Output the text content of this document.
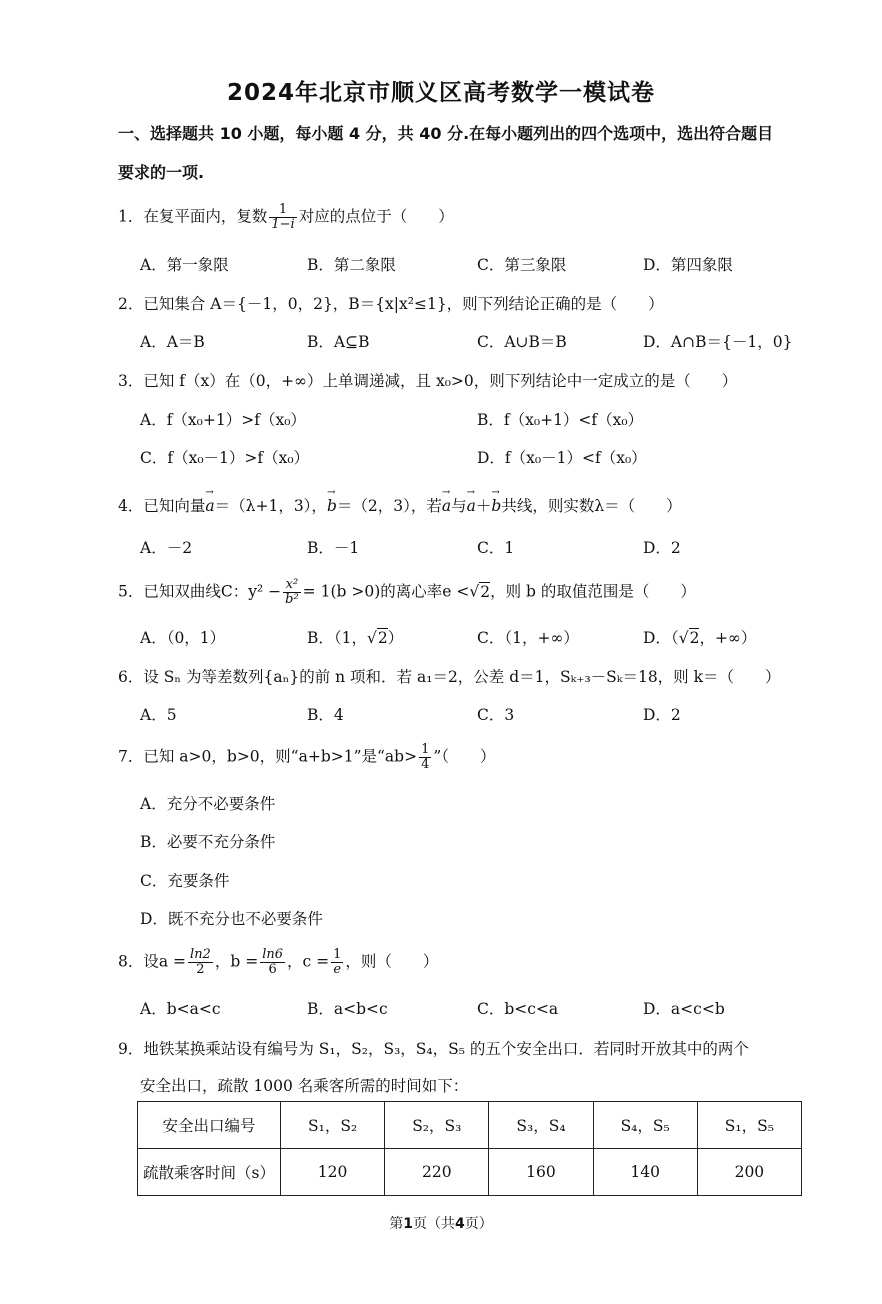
2024年北京市顺义区高考数学一模试卷
一、选择题共 10 小题，每小题 4 分，共 40 分.在每小题列出的四个选项中，选出符合题目
要求的一项.
1．在复平面内，复数 $\frac{1}{1-i}$ 对应的点位于（　　）
A．第一象限	B．第二象限	C．第三象限	D．第四象限
2．已知集合 A＝{－1，0，2}，B＝{x|x²≤1}，则下列结论正确的是（　　）
A．A＝B	B．A⊆B	C．A∪B＝B	D．A∩B＝{－1，0}
3．已知 f（x）在（0，+∞）上单调递减，且 x₀>0，则下列结论中一定成立的是（　　）
A．f（x₀+1）>f（x₀）	B．f（x₀+1）<f（x₀）
C．f（x₀－1）>f（x₀）	D．f（x₀－1）<f（x₀）
4．已知向量→ a＝（λ+1，3），→ b＝（2，3），若→ a与→ a＋→ b共线，则实数λ＝（　　）
A．－2	B．－1	C．1	D．2
5．已知双曲线C：$y^2 - \frac{\text{x²}}{\text{b²}} = 1(b >0)$的离心率e <√2，则 b 的取值范围是（　　）
A．（0，1）	B．（1，√2）	C．（1，+∞）	D．（√2，+∞）
6．设 Sₙ 为等差数列{aₙ}的前 n 项和．若 a₁＝2，公差 d＝1，Sₖ₊₃－Sₖ＝18，则 k＝（　　）
A．5	B．4	C．3	D．2
7．已知 a>0，b>0，则“a+b>1”是“$ab> \frac{1}{4}$ ”（　　）
A．充分不必要条件
B．必要不充分条件
C．充要条件
D．既不充分也不必要条件
8．设$a = \frac{\ln 2}{2}$ ，$b = \frac{\ln 6}{6}$ ，$c = \frac{1}{e}$ ，则（　　）
A．b<a<c	B．a<b<c	C．b<c<a	D．a<c<b
9．地铁某换乘站设有编号为 S₁，S₂，S₃，S₄，S₅ 的五个安全出口．若同时开放其中的两个
安全出口，疏散 1000 名乘客所需的时间如下：
安全出口编号	S₁，S₂	S₂，S₃	S₃，S₄	S₄，S₅	S₁，S₅
疏散乘客时间（s）	120	220	160	140	200
第1页（共4页）
